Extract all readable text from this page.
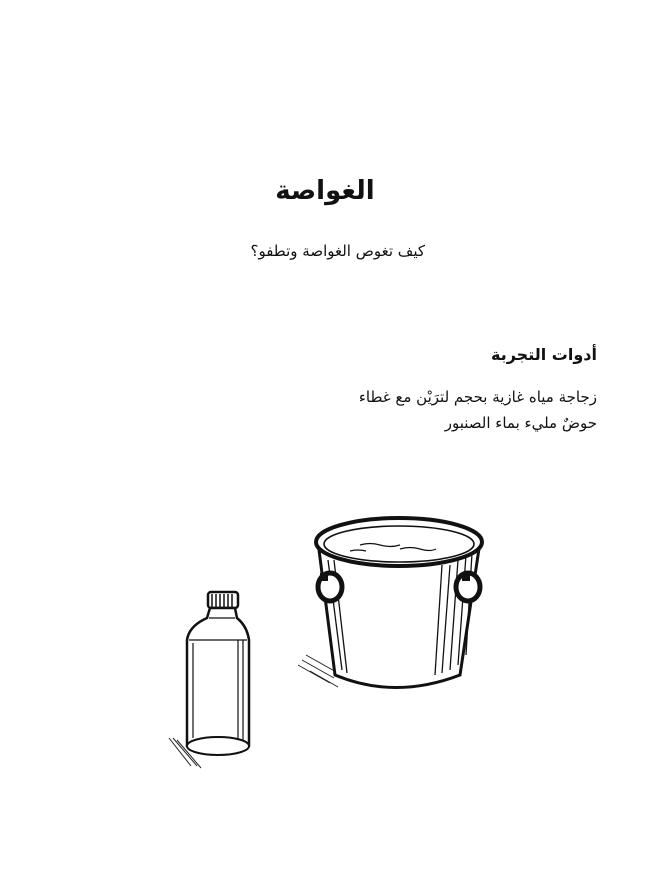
الغواصة

كيف تغوص الغواصة وتطفو؟

أدوات التجربة
زجاجة مياه غازية بحجم لترَيْن مع غطاء
حوضٌ مليء بماء الصنبور
